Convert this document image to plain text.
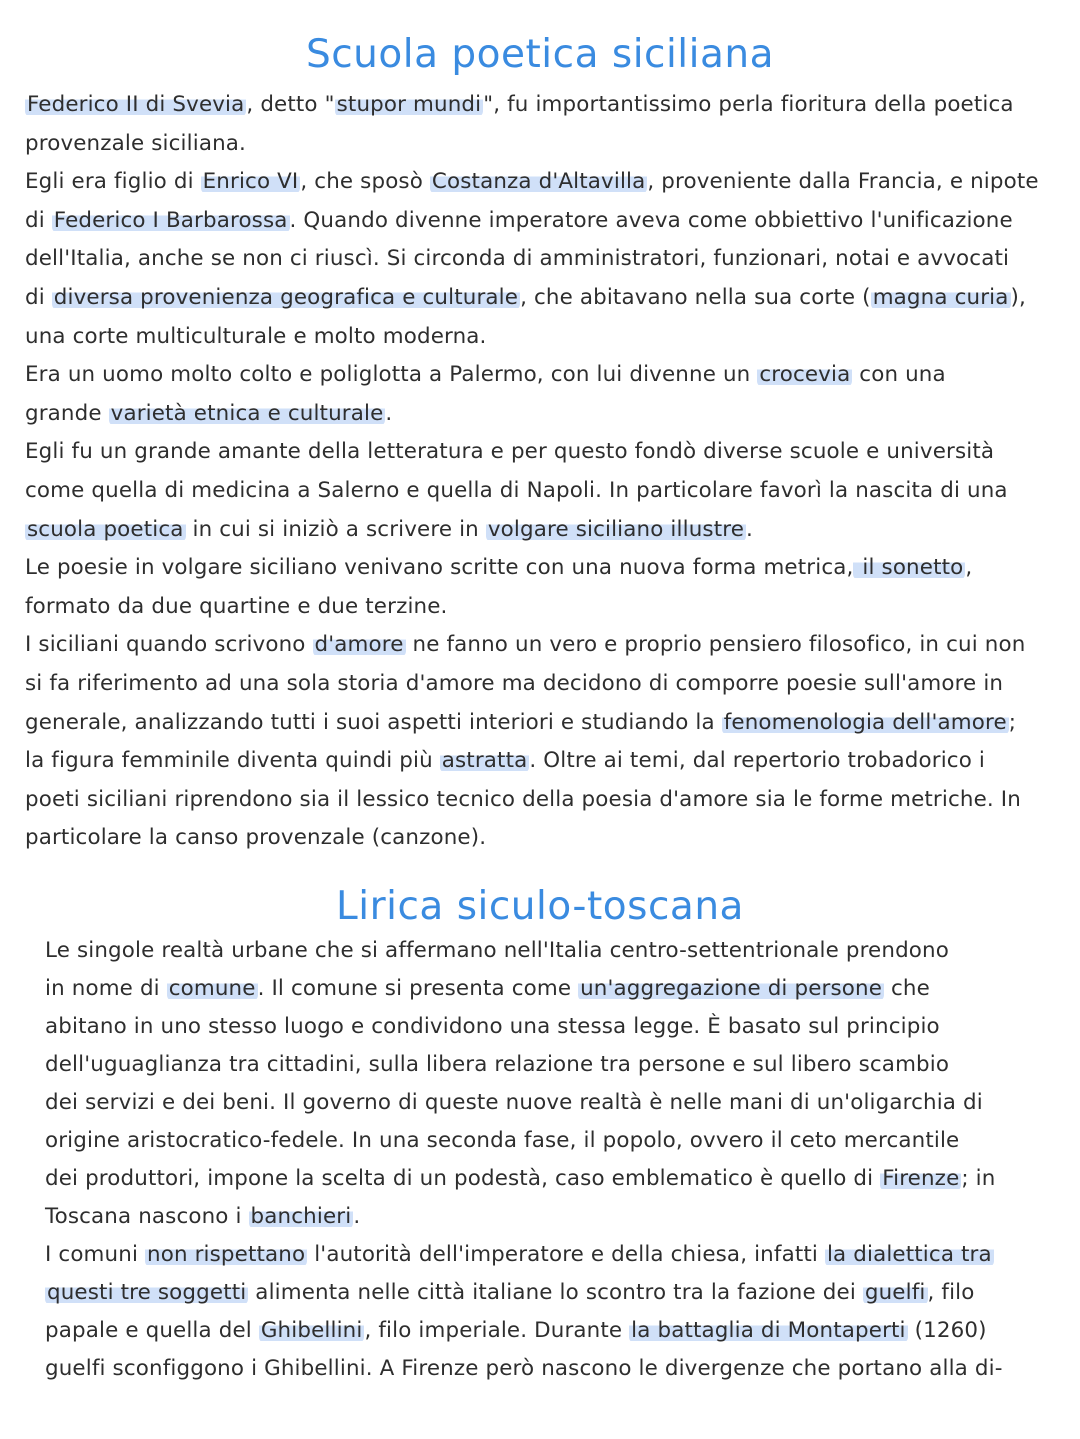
Scuola poetica siciliana
Federico II di Svevia, detto "stupor mundi", fu importantissimo perla fioritura della poetica
provenzale siciliana.
Egli era figlio di Enrico VI, che sposò Costanza d'Altavilla, proveniente dalla Francia, e nipote
di Federico I Barbarossa. Quando divenne imperatore aveva come obbiettivo l'unificazione
dell'Italia, anche se non ci riuscì. Si circonda di amministratori, funzionari, notai e avvocati
di diversa provenienza geografica e culturale, che abitavano nella sua corte (magna curia),
una corte multiculturale e molto moderna.
Era un uomo molto colto e poliglotta a Palermo, con lui divenne un crocevia con una
grande varietà etnica e culturale.
Egli fu un grande amante della letteratura e per questo fondò diverse scuole e università
come quella di medicina a Salerno e quella di Napoli. In particolare favorì la nascita di una
scuola poetica in cui si iniziò a scrivere in volgare siciliano illustre.
Le poesie in volgare siciliano venivano scritte con una nuova forma metrica, il sonetto,
formato da due quartine e due terzine.
I siciliani quando scrivono d'amore ne fanno un vero e proprio pensiero filosofico, in cui non
si fa riferimento ad una sola storia d'amore ma decidono di comporre poesie sull'amore in
generale, analizzando tutti i suoi aspetti interiori e studiando la fenomenologia dell'amore;
la figura femminile diventa quindi più astratta. Oltre ai temi, dal repertorio trobadorico i
poeti siciliani riprendono sia il lessico tecnico della poesia d'amore sia le forme metriche. In
particolare la canso provenzale (canzone).
Lirica siculo-toscana
Le singole realtà urbane che si affermano nell'Italia centro-settentrionale prendono
in nome di comune. Il comune si presenta come un'aggregazione di persone che
abitano in uno stesso luogo e condividono una stessa legge. È basato sul principio
dell'uguaglianza tra cittadini, sulla libera relazione tra persone e sul libero scambio
dei servizi e dei beni. Il governo di queste nuove realtà è nelle mani di un'oligarchia di
origine aristocratico-fedele. In una seconda fase, il popolo, ovvero il ceto mercantile
dei produttori, impone la scelta di un podestà, caso emblematico è quello di Firenze; in
Toscana nascono i banchieri.
I comuni non rispettano l'autorità dell'imperatore e della chiesa, infatti la dialettica tra
questi tre soggetti alimenta nelle città italiane lo scontro tra la fazione dei guelfi, filo
papale e quella del Ghibellini, filo imperiale. Durante la battaglia di Montaperti (1260)
guelfi sconfiggono i Ghibellini. A Firenze però nascono le divergenze che portano alla di-
